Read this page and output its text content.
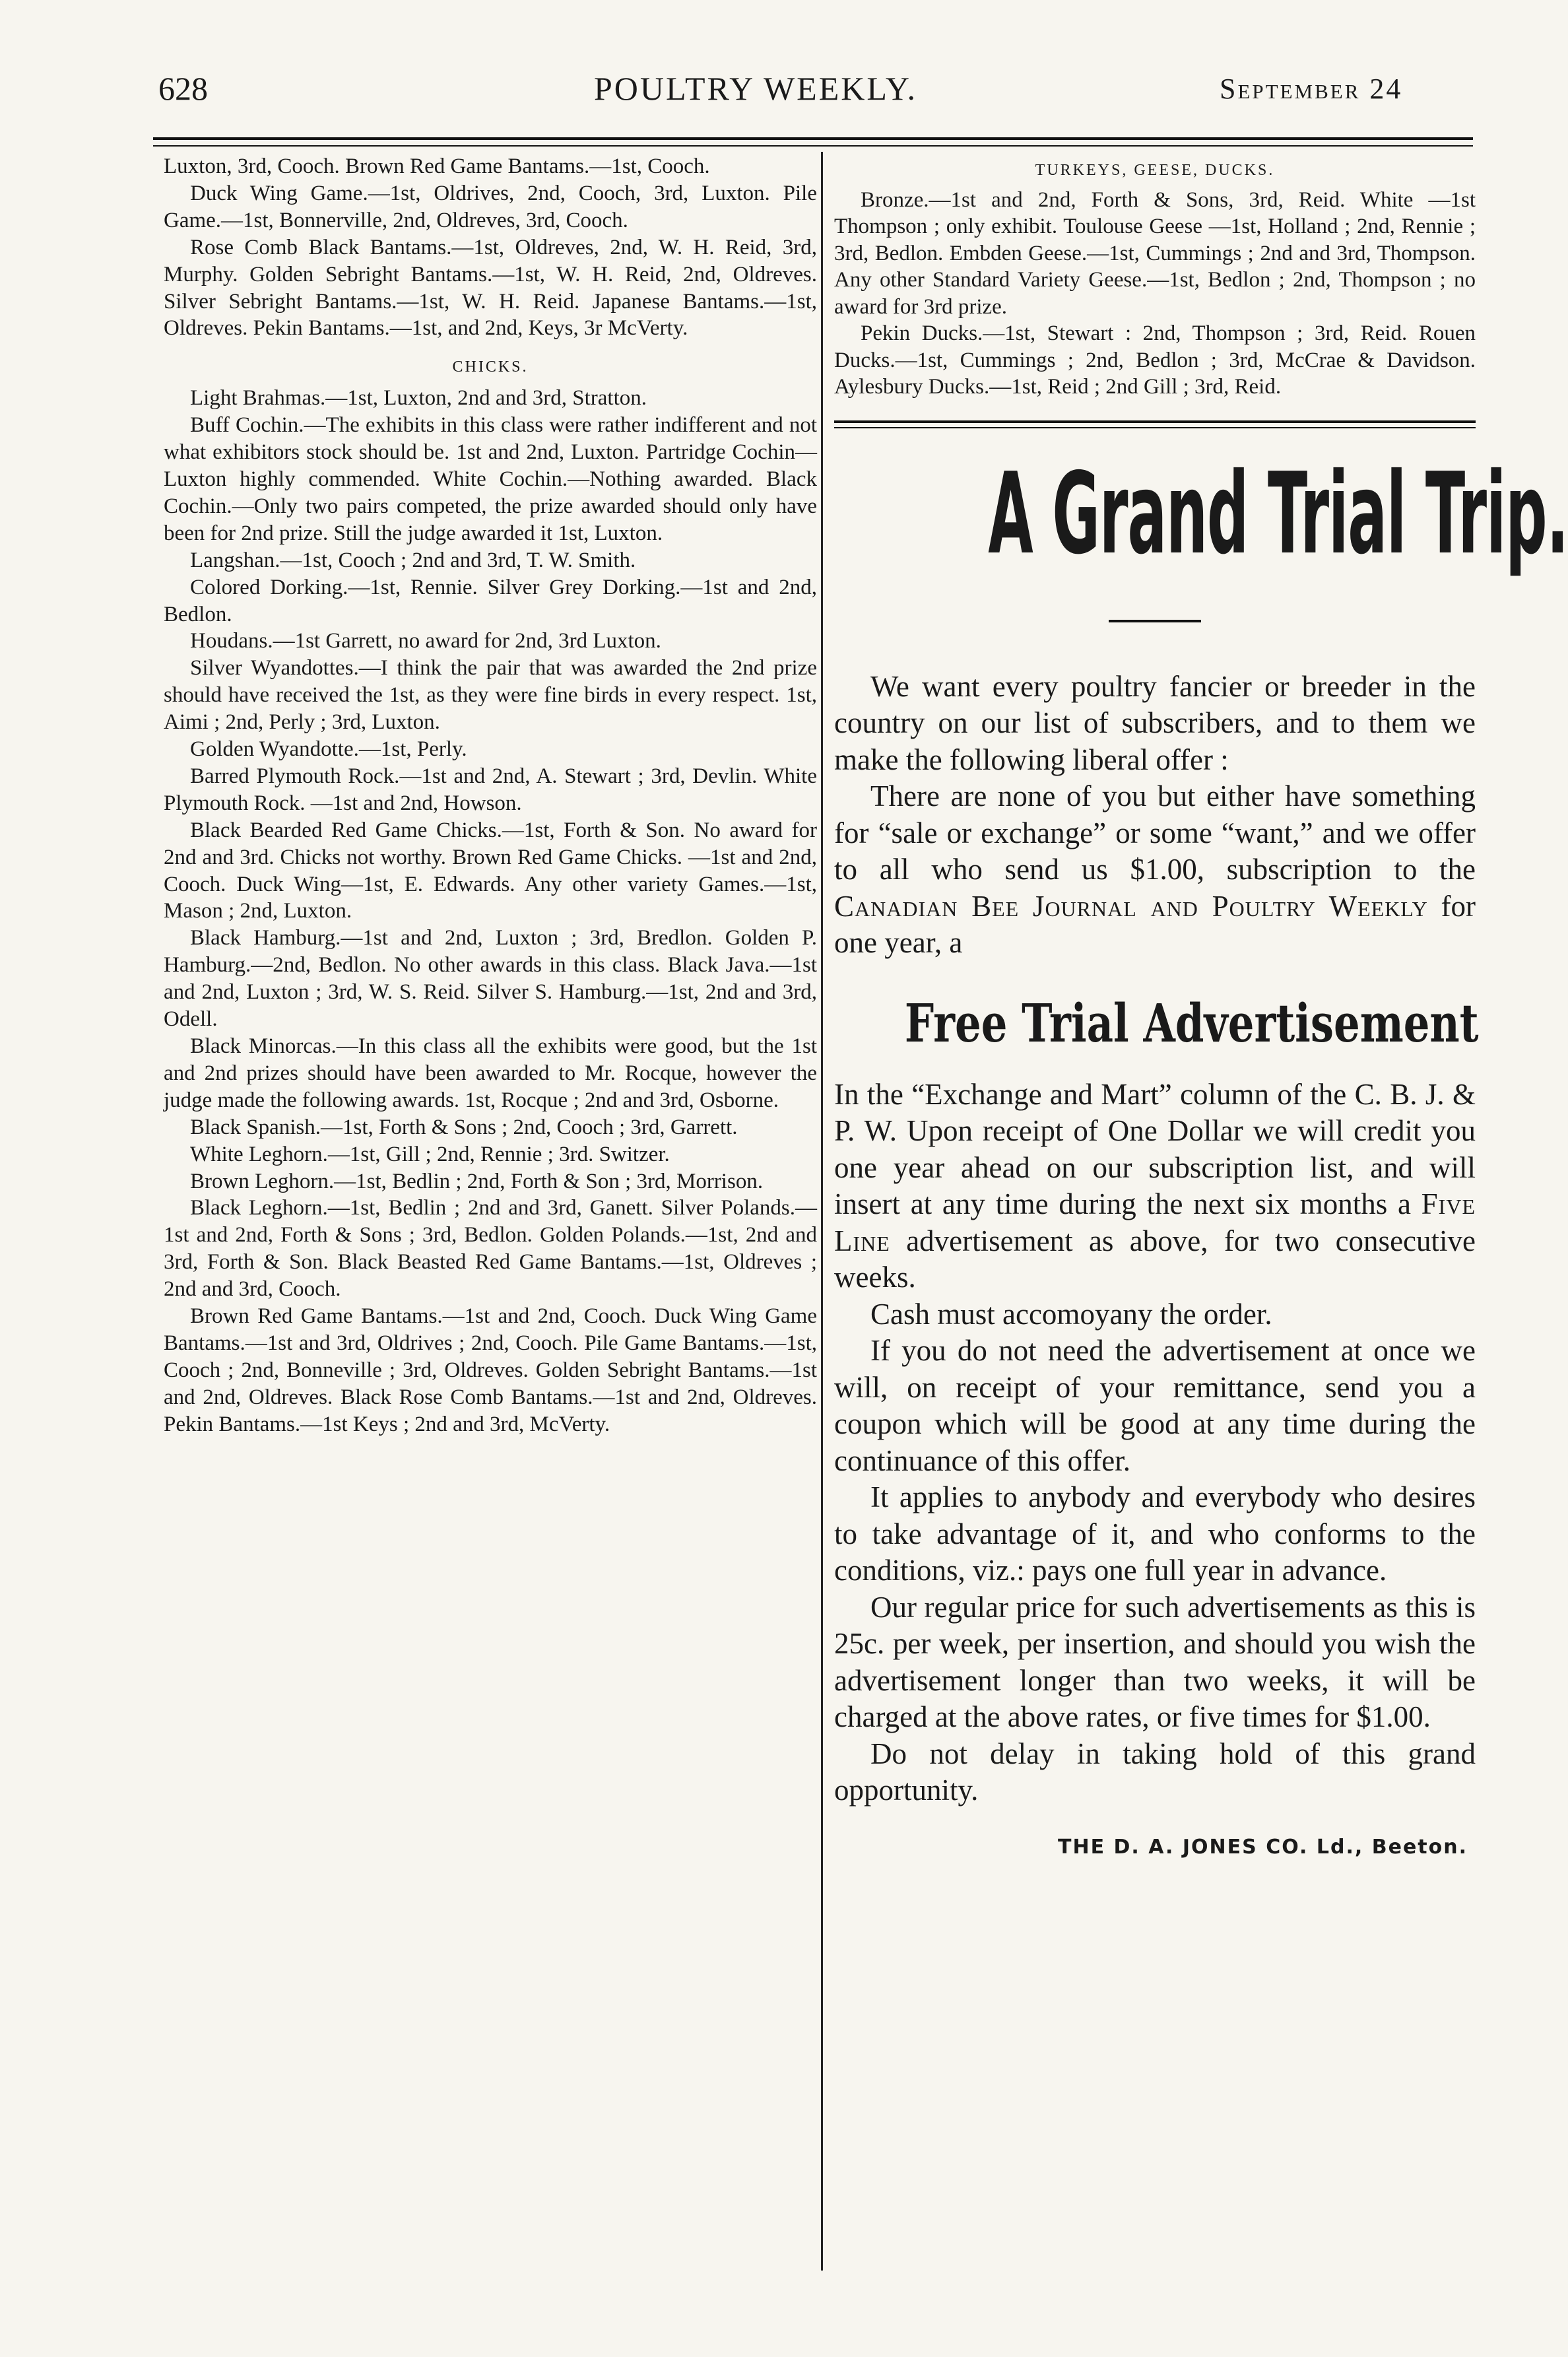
628	POULTRY WEEKLY.	September 24

Luxton, 3rd, Cooch. Brown Red Game Bantams.—1st, Cooch.

Duck Wing Game.—1st, Oldrives, 2nd, Cooch, 3rd, Luxton. Pile Game.—1st, Bonnerville, 2nd, Oldreves, 3rd, Cooch.

Rose Comb Black Bantams.—1st, Oldreves, 2nd, W. H. Reid, 3rd, Murphy. Golden Sebright Bantams.—1st, W. H. Reid, 2nd, Oldreves. Silver Sebright Bantams.—1st, W. H. Reid. Japanese Bantams.—1st, Oldreves. Pekin Bantams.—1st, and 2nd, Keys, 3r McVerty.

CHICKS.

Light Brahmas.—1st, Luxton, 2nd and 3rd, Stratton.

Buff Cochin.—The exhibits in this class were rather indifferent and not what exhibitors stock should be. 1st and 2nd, Luxton. Partridge Cochin—Luxton highly commended. White Cochin.—Nothing awarded. Black Cochin.—Only two pairs competed, the prize awarded should only have been for 2nd prize. Still the judge awarded it 1st, Luxton.

Langshan.—1st, Cooch ; 2nd and 3rd, T. W. Smith.

Colored Dorking.—1st, Rennie. Silver Grey Dorking.—1st and 2nd, Bedlon.

Houdans.—1st Garrett, no award for 2nd, 3rd Luxton.

Silver Wyandottes.—I think the pair that was awarded the 2nd prize should have received the 1st, as they were fine birds in every respect. 1st, Aimi ; 2nd, Perly ; 3rd, Luxton.

Golden Wyandotte.—1st, Perly.

Barred Plymouth Rock.—1st and 2nd, A. Stewart ; 3rd, Devlin. White Plymouth Rock. —1st and 2nd, Howson.

Black Bearded Red Game Chicks.—1st, Forth & Son. No award for 2nd and 3rd. Chicks not worthy. Brown Red Game Chicks. —1st and 2nd, Cooch. Duck Wing—1st, E. Edwards. Any other variety Games.—1st, Mason ; 2nd, Luxton.

Black Hamburg.—1st and 2nd, Luxton ; 3rd, Bredlon. Golden P. Hamburg.—2nd, Bedlon. No other awards in this class. Black Java.—1st and 2nd, Luxton ; 3rd, W. S. Reid. Silver S. Hamburg.—1st, 2nd and 3rd, Odell.

Black Minorcas.—In this class all the exhibits were good, but the 1st and 2nd prizes should have been awarded to Mr. Rocque, however the judge made the following awards. 1st, Rocque ; 2nd and 3rd, Osborne.

Black Spanish.—1st, Forth & Sons ; 2nd, Cooch ; 3rd, Garrett.

White Leghorn.—1st, Gill ; 2nd, Rennie ; 3rd. Switzer.

Brown Leghorn.—1st, Bedlin ; 2nd, Forth & Son ; 3rd, Morrison.

Black Leghorn.—1st, Bedlin ; 2nd and 3rd, Ganett. Silver Polands.—1st and 2nd, Forth & Sons ; 3rd, Bedlon. Golden Polands.—1st, 2nd and 3rd, Forth & Son. Black Beasted Red Game Bantams.—1st, Oldreves ; 2nd and 3rd, Cooch.

Brown Red Game Bantams.—1st and 2nd, Cooch. Duck Wing Game Bantams.—1st and 3rd, Oldrives ; 2nd, Cooch. Pile Game Bantams.—1st, Cooch ; 2nd, Bonneville ; 3rd, Oldreves. Golden Sebright Bantams.—1st and 2nd, Oldreves. Black Rose Comb Bantams.—1st and 2nd, Oldreves. Pekin Bantams.—1st Keys ; 2nd and 3rd, McVerty.

TURKEYS, GEESE, DUCKS.

Bronze.—1st and 2nd, Forth & Sons, 3rd, Reid. White —1st Thompson ; only exhibit. Toulouse Geese —1st, Holland ; 2nd, Rennie ; 3rd, Bedlon. Embden Geese.—1st, Cummings ; 2nd and 3rd, Thompson. Any other Standard Variety Geese.—1st, Bedlon ; 2nd, Thompson ; no award for 3rd prize.

Pekin Ducks.—1st, Stewart : 2nd, Thompson ; 3rd, Reid. Rouen Ducks.—1st, Cummings ; 2nd, Bedlon ; 3rd, McCrae & Davidson. Aylesbury Ducks.—1st, Reid ; 2nd Gill ; 3rd, Reid.

A Grand Trial Trip.

We want every poultry fancier or breeder in the country on our list of subscribers, and to them we make the following liberal offer :

There are none of you but either have something for “sale or exchange” or some “want,” and we offer to all who send us $1.00, subscription to the Canadian Bee Journal and Poultry Weekly for one year, a

Free Trial Advertisement

In the “Exchange and Mart” column of the C. B. J. & P. W. Upon receipt of One Dollar we will credit you one year ahead on our subscription list, and will insert at any time during the next six months a Five Line advertisement as above, for two consecutive weeks.

Cash must accomoyany the order.

If you do not need the advertisement at once we will, on receipt of your remittance, send you a coupon which will be good at any time during the continuance of this offer.

It applies to anybody and everybody who desires to take advantage of it, and who conforms to the conditions, viz.: pays one full year in advance.

Our regular price for such advertisements as this is 25c. per week, per insertion, and should you wish the advertisement longer than two weeks, it will be charged at the above rates, or five times for $1.00.

Do not delay in taking hold of this grand opportunity.

THE D. A. JONES CO. Ld., Beeton.
